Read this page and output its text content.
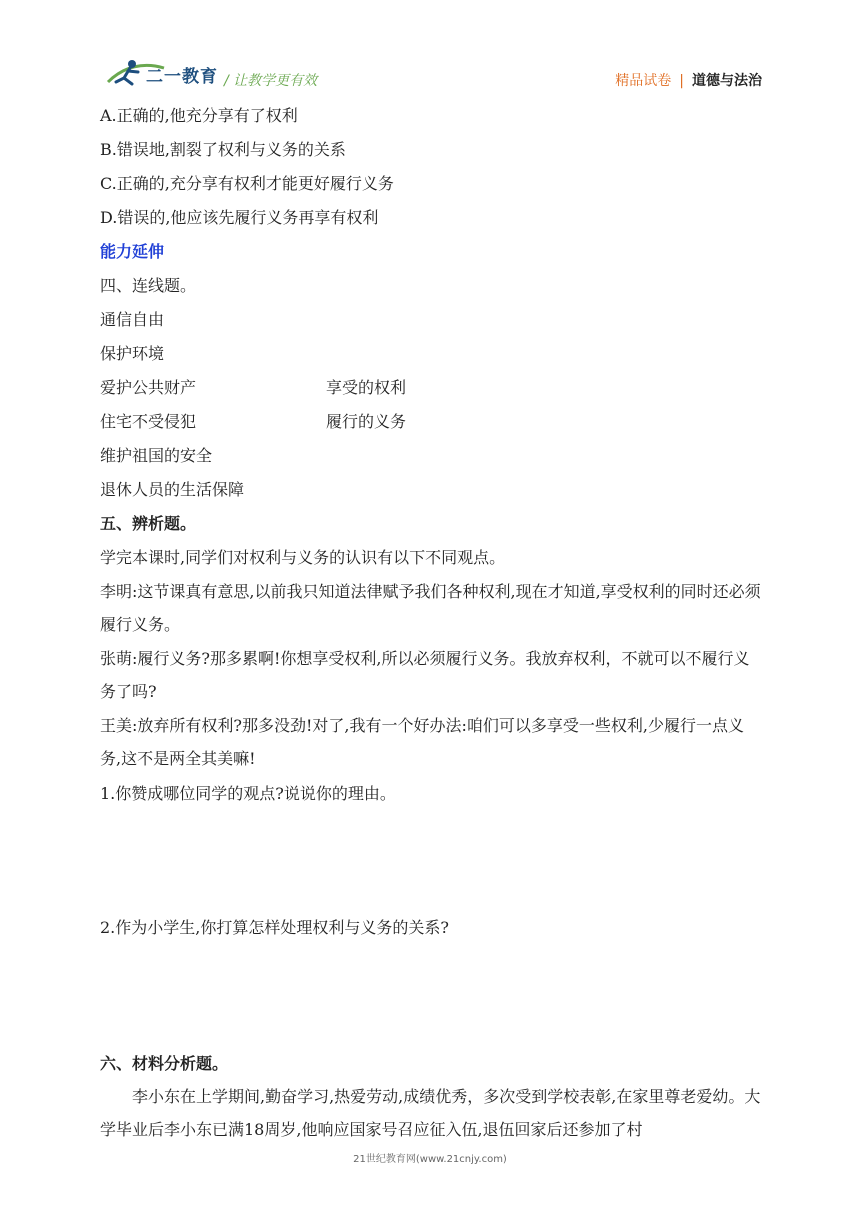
二一教育 / 让教学更有效	精品试卷 | 道德与法治
A.正确的,他充分享有了权利
B.错误地,割裂了权利与义务的关系
C.正确的,充分享有权利才能更好履行义务
D.错误的,他应该先履行义务再享有权利
能力延伸
四、连线题。
通信自由
保护环境
爱护公共财产	享受的权利
住宅不受侵犯	履行的义务
维护祖国的安全
退休人员的生活保障
五、辨析题。
学完本课时,同学们对权利与义务的认识有以下不同观点。
李明:这节课真有意思,以前我只知道法律赋予我们各种权利,现在才知道,享受权利的同时还必须履行义务。
张萌:履行义务?那多累啊!你想享受权利,所以必须履行义务。我放弃权利，不就可以不履行义务了吗?
王美:放弃所有权利?那多没劲!对了,我有一个好办法:咱们可以多享受一些权利,少履行一点义务,这不是两全其美嘛!
1.你赞成哪位同学的观点?说说你的理由。
2.作为小学生,你打算怎样处理权利与义务的关系?
六、材料分析题。
李小东在上学期间,勤奋学习,热爱劳动,成绩优秀，多次受到学校表彰,在家里尊老爱幼。大学毕业后李小东已满18周岁,他响应国家号召应征入伍,退伍回家后还参加了村
21世纪教育网(www.21cnjy.com)
